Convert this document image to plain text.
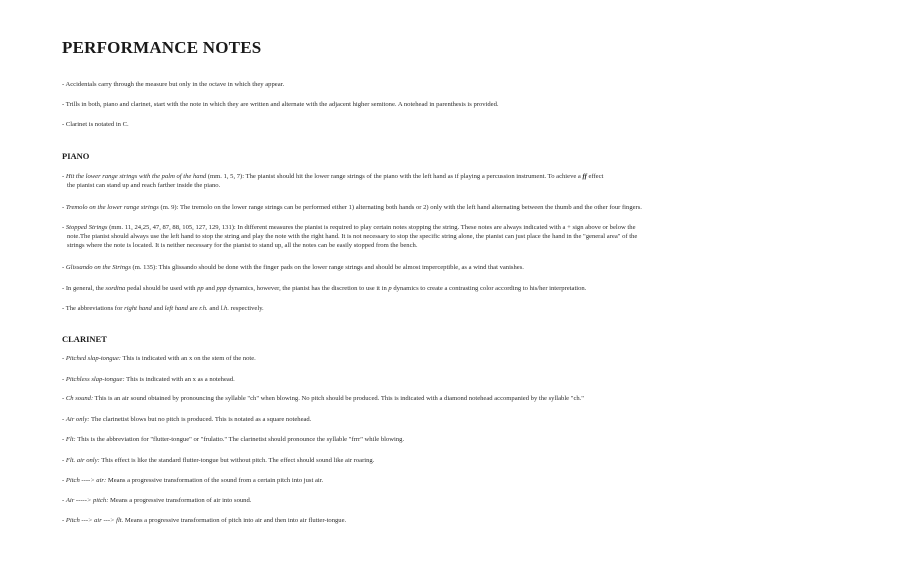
PERFORMANCE NOTES

- Accidentals carry through the measure but only in the octave in which they appear.

- Trills in both, piano and clarinet, start with the note in which they are written and alternate with the adjacent higher semitone. A notehead in parenthesis is provided.

- Clarinet is notated in C.

PIANO

- Hit the lower range strings with the palm of the hand (mm. 1, 5, 7): The pianist should hit the lower range strings of the piano with the left hand as if playing a percussion instrument. To achieve a ff effect
the pianist can stand up and reach farther inside the piano.

- Tremolo on the lower range strings (m. 9): The tremolo on the lower range strings can be performed either 1) alternating both hands or 2) only with the left hand alternating between the thumb and the other four fingers.

- Stopped Strings (mm. 11, 24,25, 47, 87, 88, 105, 127, 129, 131): In different measures the pianist is required to play certain notes stopping the string. These notes are always indicated with a + sign above or below the
note.The pianist should always use the left hand to stop the string and play the note with the right hand. It is not necessary to stop the specific string alone, the pianist can just place the hand in the "general area" of the
strings where the note is located. It is neither necessary for the pianist to stand up, all the notes can be easily stopped from the bench.

- Glissando on the Strings (m. 135): This glissando should be done with the finger pads on the lower range strings and should be almost imperceptible, as a wind that vanishes.

- In general, the sordina pedal should be used with pp and ppp dynamics, however, the pianist has the discretion to use it in p dynamics to create a contrasting color according to his/her interpretation.

- The abbreviations for right hand and left hand are r.h. and l.h. respectively.

CLARINET

- Pitched slap-tongue: This is indicated with an x on the stem of the note.

- Pitchless slap-tongue: This is indicated with an x as a notehead.

- Ch sound: This is an air sound obtained by pronouncing the syllable "ch" when blowing. No pitch should be produced. This is indicated with a diamond notehead accompanied by the syllable "ch."

- Air only: The clarinetist blows but no pitch is produced. This is notated as a square notehead.

- Flt: This is the abbreviation for "flutter-tongue" or "frulatto." The clarinetist should pronounce the syllable "frrr" while blowing.

- Flt. air only: This effect is like the standard flutter-tongue but without pitch. The effect should sound like air roaring.

- Pitch ----> air: Means a progressive transformation of the sound from a certain pitch into just air.

- Air -----> pitch: Means a progressive transformation of air into sound.

- Pitch ---> air ---> flt. Means a progressive transformation of pitch into air and then into air flutter-tongue.
